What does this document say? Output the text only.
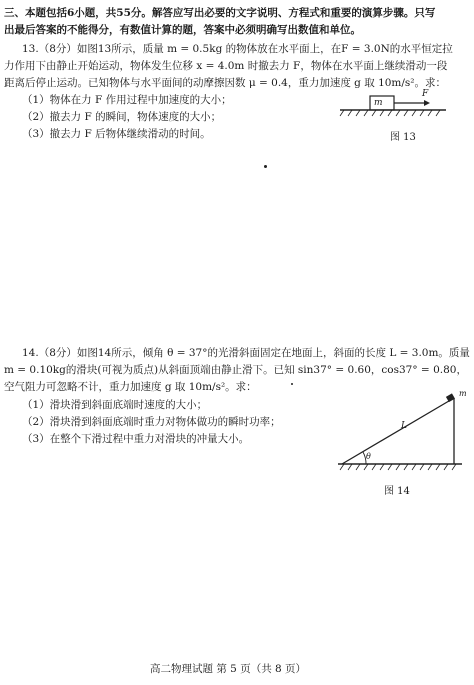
三、本题包括6小题，共55分。解答应写出必要的文字说明、方程式和重要的演算步骤。只写
出最后答案的不能得分，有数值计算的题，答案中必须明确写出数值和单位。
13.（8分）如图13所示，质量 m = 0.5kg 的物体放在水平面上，在F = 3.0N的水平恒定拉
力作用下由静止开始运动，物体发生位移 x = 4.0m 时撤去力 F，物体在水平面上继续滑动一段
距离后停止运动。已知物体与水平面间的动摩擦因数 μ = 0.4，重力加速度 g 取 10m/s²。求：
（1）物体在力 F 作用过程中加速度的大小；
（2）撤去力 F 的瞬间，物体速度的大小；
（3）撤去力 F 后物体继续滑动的时间。
m
F
图 13
14.（8分）如图14所示，倾角 θ = 37°的光滑斜面固定在地面上，斜面的长度 L = 3.0m。质量
m = 0.10kg的滑块(可视为质点)从斜面顶端由静止滑下。已知 sin37° = 0.60，cos37° = 0.80，
空气阻力可忽略不计，重力加速度 g 取 10m/s²。求：
（1）滑块滑到斜面底端时速度的大小；
（2）滑块滑到斜面底端时重力对物体做功的瞬时功率；
（3）在整个下滑过程中重力对滑块的冲量大小。
m
L
θ
图 14
高二物理试题 第 5 页（共 8 页）
